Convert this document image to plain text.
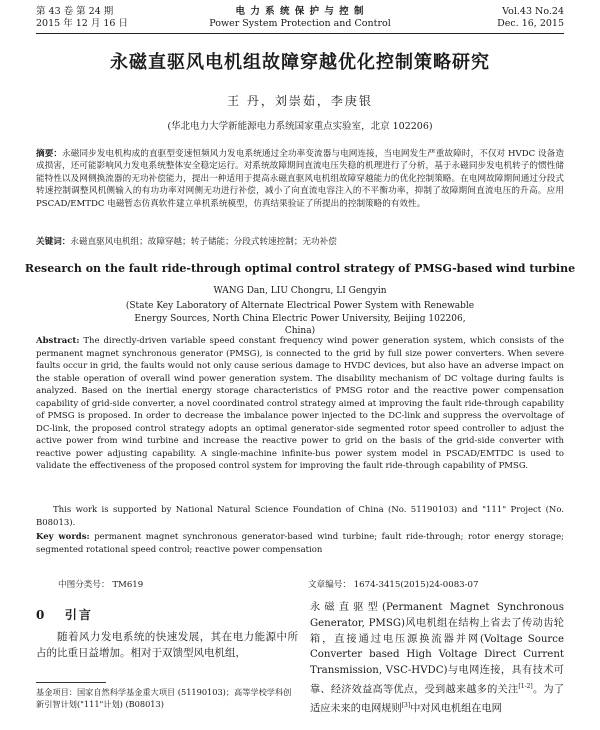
第 43 卷 第 24 期
2015 年 12 月 16 日
电 力 系 统 保 护 与 控 制
Power System Protection and Control
Vol.43 No.24
Dec. 16, 2015
永磁直驱风电机组故障穿越优化控制策略研究
王 丹，刘崇茹，李庚银
(华北电力大学新能源电力系统国家重点实验室，北京 102206)
摘要：永磁同步发电机构成的直驱型变速恒频风力发电系统通过全功率变流器与电网连接，当电网发生严重故障时，不仅对 HVDC 设备造成损害，还可能影响风力发电系统整体安全稳定运行。对系统故障期间直流电压失稳的机理进行了分析，基于永磁同步发电机转子的惯性储能特性以及网侧换流器的无功补偿能力，提出一种适用于提高永磁直驱风电机组故障穿越能力的优化控制策略。在电网故障期间通过分段式转速控制调整风机侧输入的有功功率对网侧无功进行补偿，减小了向直流电容注入的不平衡功率，抑制了故障期间直流电压的升高。应用 PSCAD/EMTDC 电磁暂态仿真软件建立单机系统模型，仿真结果验证了所提出的控制策略的有效性。
关键词：永磁直驱风电机组；故障穿越；转子储能；分段式转速控制；无功补偿
Research on the fault ride-through optimal control strategy of PMSG-based wind turbine
WANG Dan, LIU Chongru, LI Gengyin
(State Key Laboratory of Alternate Electrical Power System with Renewable Energy Sources, North China Electric Power University, Beijing 102206, China)
Abstract: The directly-driven variable speed constant frequency wind power generation system, which consists of the permanent magnet synchronous generator (PMSG), is connected to the grid by full size power converters. When severe faults occur in grid, the faults would not only cause serious damage to HVDC devices, but also have an adverse impact on the stable operation of overall wind power generation system. The disability mechanism of DC voltage during faults is analyzed. Based on the inertial energy storage characteristics of PMSG rotor and the reactive power compensation capability of grid-side converter, a novel coordinated control strategy aimed at improving the fault ride-through capability of PMSG is proposed. In order to decrease the imbalance power injected to the DC-link and suppress the overvoltage of DC-link, the proposed control strategy adopts an optimal generator-side segmented rotor speed controller to adjust the active power from wind turbine and increase the reactive power to grid on the basis of the grid-side converter with reactive power adjusting capability. A single-machine infinite-bus power system model in PSCAD/EMTDC is used to validate the effectiveness of the proposed control system for improving the fault ride-through capability of PMSG.
This work is supported by National Natural Science Foundation of China (No. 51190103) and "111" Project (No. B08013).
Key words: permanent magnet synchronous generator-based wind turbine; fault ride-through; rotor energy storage; segmented rotational speed control; reactive power compensation
中图分类号： TM619	文章编号： 1674-3415(2015)24-0083-07
0 引言
随着风力发电系统的快速发展，其在电力能源中所占的比重日益增加。相对于双馈型风电机组，
永磁直驱型(Permanent Magnet Synchronous Generator, PMSG)风电机组在结构上省去了传动齿轮箱，直接通过电压源换流器并网(Voltage Source Converter based High Voltage Direct Current Transmission, VSC-HVDC)与电网连接，具有技术可靠、经济效益高等优点，受到越来越多的关注[1-2]。为了适应未来的电网规则[3]中对风电机组在电网
基金项目：国家自然科学基金重大项目 (51190103)；高等学校学科创新引智计划("111"计划) (B08013)
